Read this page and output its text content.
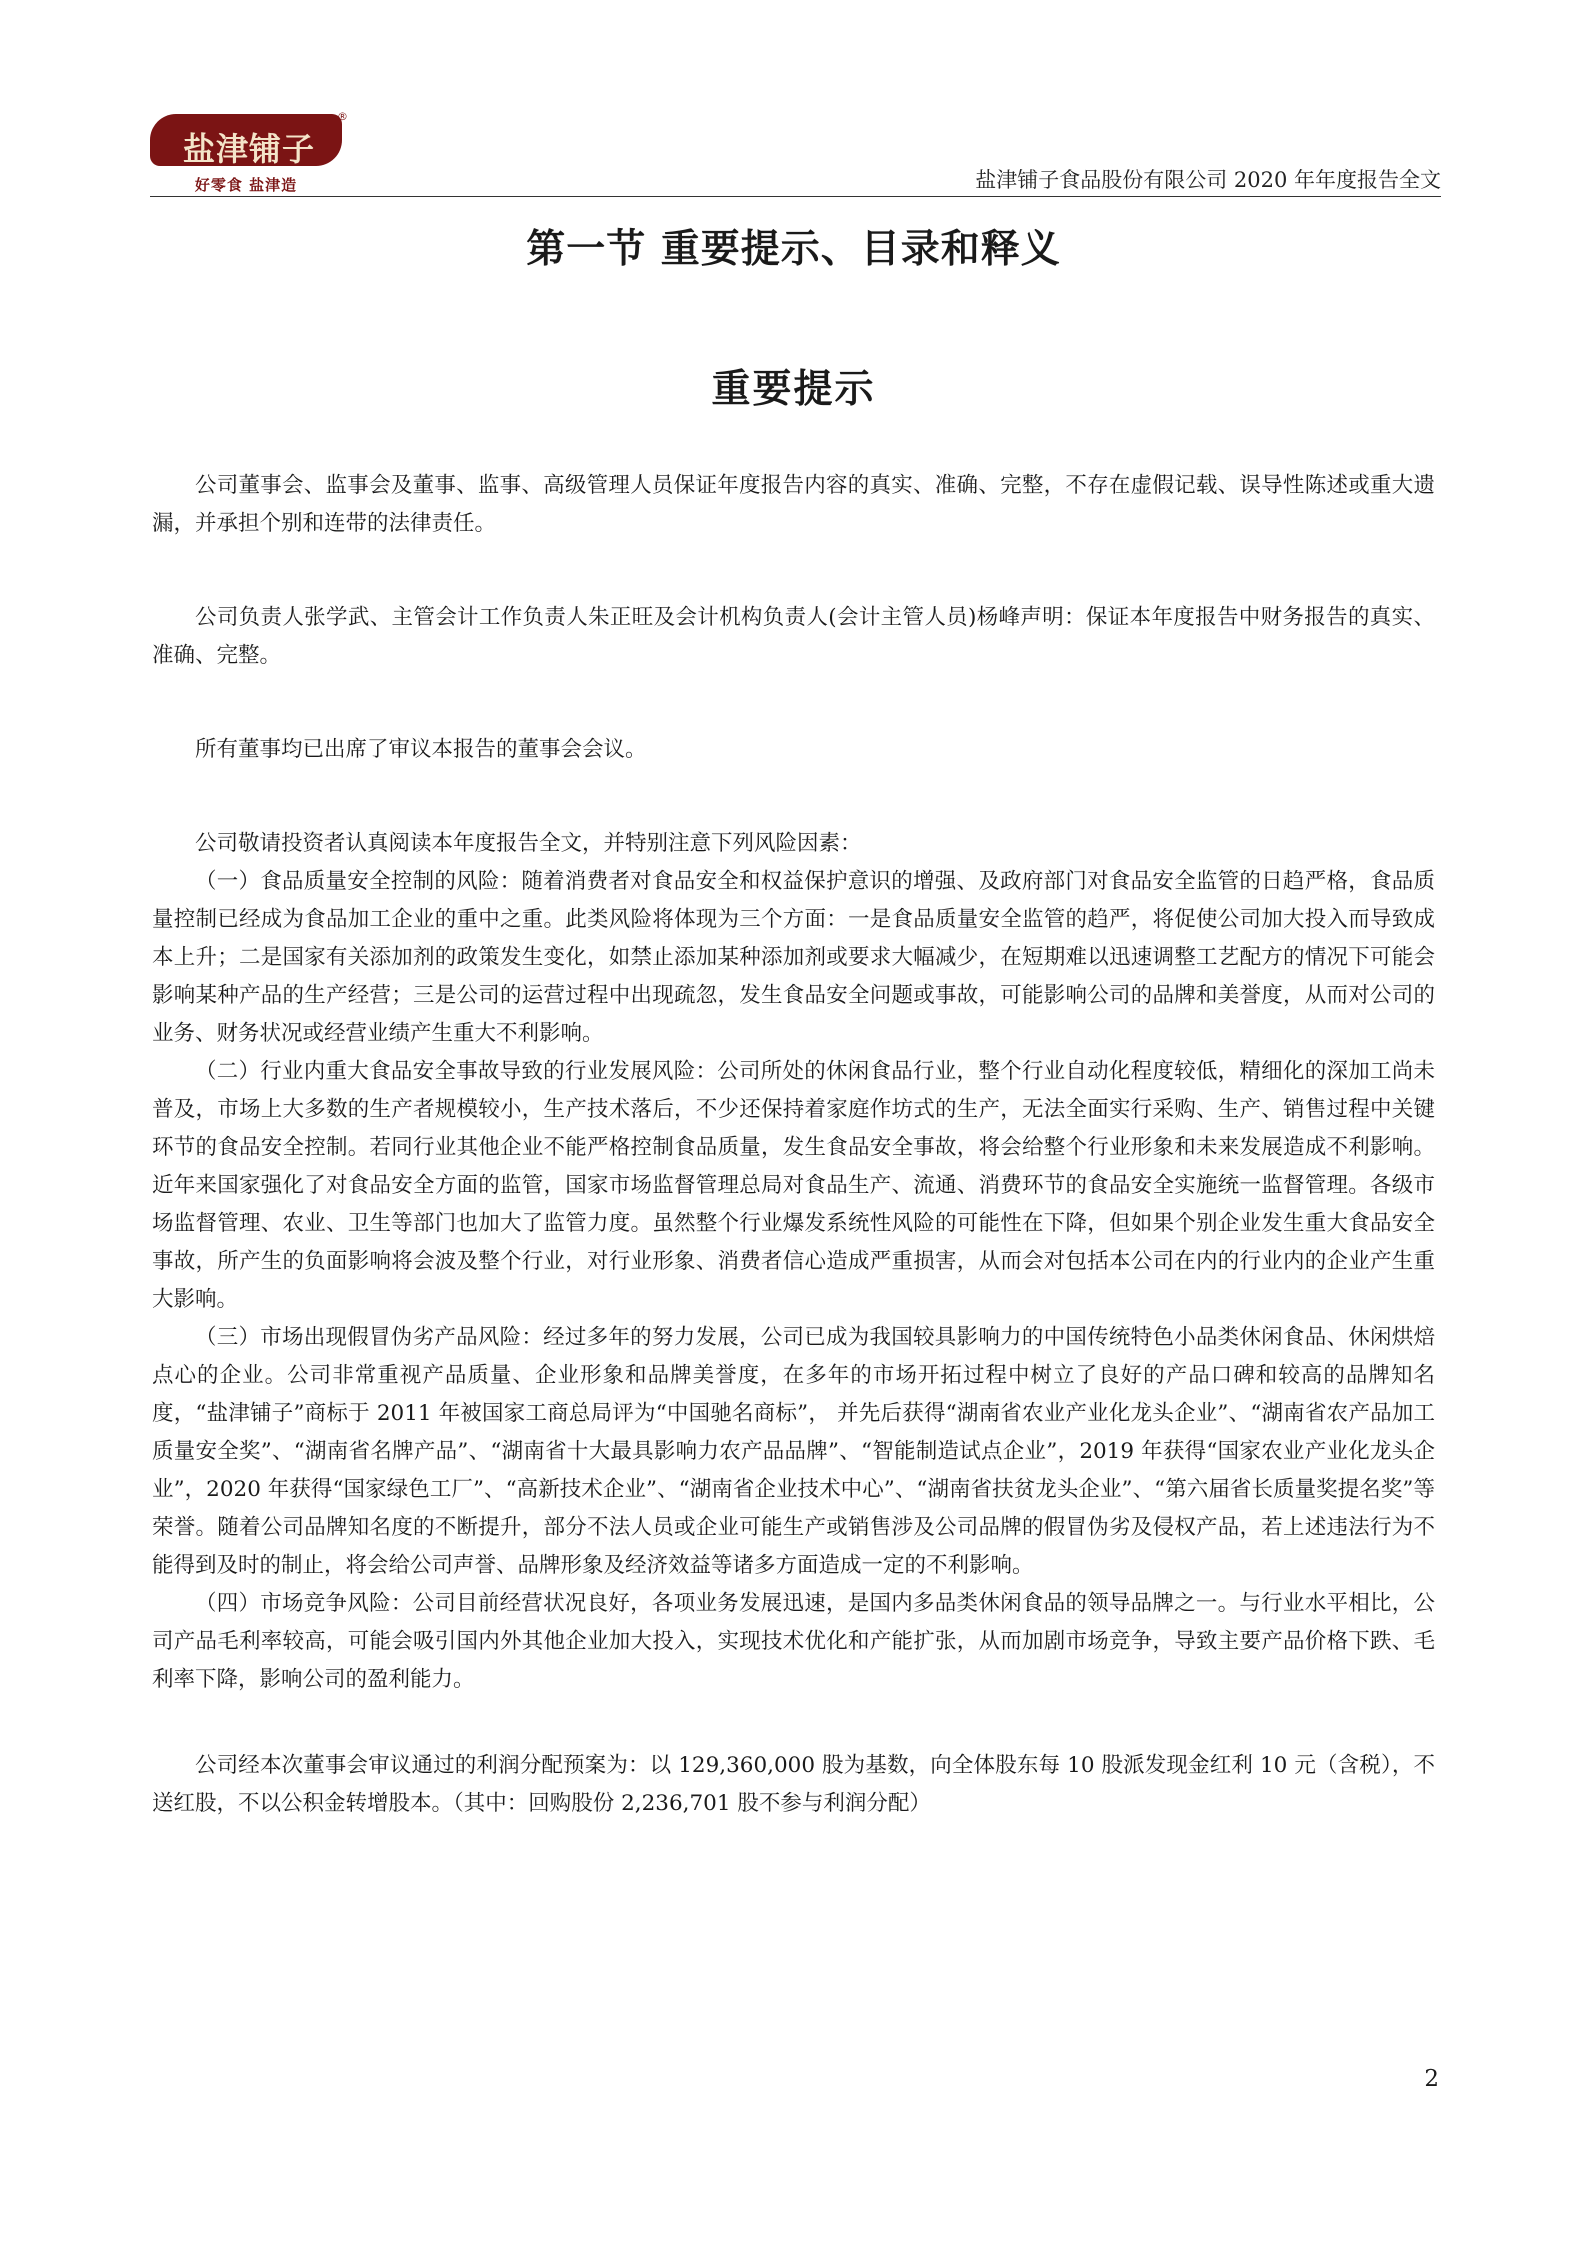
盐津铺子
®
好零食 盐津造	盐津铺子食品股份有限公司 2020 年年度报告全文
第一节 重要提示、目录和释义
重要提示

公司董事会、监事会及董事、监事、高级管理人员保证年度报告内容的真实、准确、完整，不存在虚假记载、误导性陈述或重大遗漏，并承担个别和连带的法律责任。

公司负责人张学武、主管会计工作负责人朱正旺及会计机构负责人(会计主管人员)杨峰声明：保证本年度报告中财务报告的真实、准确、完整。

所有董事均已出席了审议本报告的董事会会议。

公司敬请投资者认真阅读本年度报告全文，并特别注意下列风险因素：

（一）食品质量安全控制的风险：随着消费者对食品安全和权益保护意识的增强、及政府部门对食品安全监管的日趋严格，食品质量控制已经成为食品加工企业的重中之重。此类风险将体现为三个方面：一是食品质量安全监管的趋严，将促使公司加大投入而导致成本上升；二是国家有关添加剂的政策发生变化，如禁止添加某种添加剂或要求大幅减少，在短期难以迅速调整工艺配方的情况下可能会影响某种产品的生产经营；三是公司的运营过程中出现疏忽，发生食品安全问题或事故，可能影响公司的品牌和美誉度，从而对公司的业务、财务状况或经营业绩产生重大不利影响。

（二）行业内重大食品安全事故导致的行业发展风险：公司所处的休闲食品行业，整个行业自动化程度较低，精细化的深加工尚未普及，市场上大多数的生产者规模较小，生产技术落后，不少还保持着家庭作坊式的生产，无法全面实行采购、生产、销售过程中关键环节的食品安全控制。若同行业其他企业不能严格控制食品质量，发生食品安全事故，将会给整个行业形象和未来发展造成不利影响。近年来国家强化了对食品安全方面的监管，国家市场监督管理总局对食品生产、流通、消费环节的食品安全实施统一监督管理。各级市场监督管理、农业、卫生等部门也加大了监管力度。虽然整个行业爆发系统性风险的可能性在下降，但如果个别企业发生重大食品安全事故，所产生的负面影响将会波及整个行业，对行业形象、消费者信心造成严重损害，从而会对包括本公司在内的行业内的企业产生重大影响。

（三）市场出现假冒伪劣产品风险：经过多年的努力发展，公司已成为我国较具影响力的中国传统特色小品类休闲食品、休闲烘焙点心的企业。公司非常重视产品质量、企业形象和品牌美誉度，在多年的市场开拓过程中树立了良好的产品口碑和较高的品牌知名度，“盐津铺子”商标于 2011 年被国家工商总局评为“中国驰名商标”， 并先后获得“湖南省农业产业化龙头企业”、“湖南省农产品加工质量安全奖”、“湖南省名牌产品”、“湖南省十大最具影响力农产品品牌”、“智能制造试点企业”，2019 年获得“国家农业产业化龙头企业”，2020 年获得“国家绿色工厂”、“高新技术企业”、“湖南省企业技术中心”、“湖南省扶贫龙头企业”、“第六届省长质量奖提名奖”等荣誉。随着公司品牌知名度的不断提升，部分不法人员或企业可能生产或销售涉及公司品牌的假冒伪劣及侵权产品，若上述违法行为不能得到及时的制止，将会给公司声誉、品牌形象及经济效益等诸多方面造成一定的不利影响。

（四）市场竞争风险：公司目前经营状况良好，各项业务发展迅速，是国内多品类休闲食品的领导品牌之一。与行业水平相比，公司产品毛利率较高，可能会吸引国内外其他企业加大投入，实现技术优化和产能扩张，从而加剧市场竞争，导致主要产品价格下跌、毛利率下降，影响公司的盈利能力。

公司经本次董事会审议通过的利润分配预案为：以 129,360,000 股为基数，向全体股东每 10 股派发现金红利 10 元（含税），不送红股，不以公积金转增股本。（其中：回购股份 2,236,701 股不参与利润分配）

2
